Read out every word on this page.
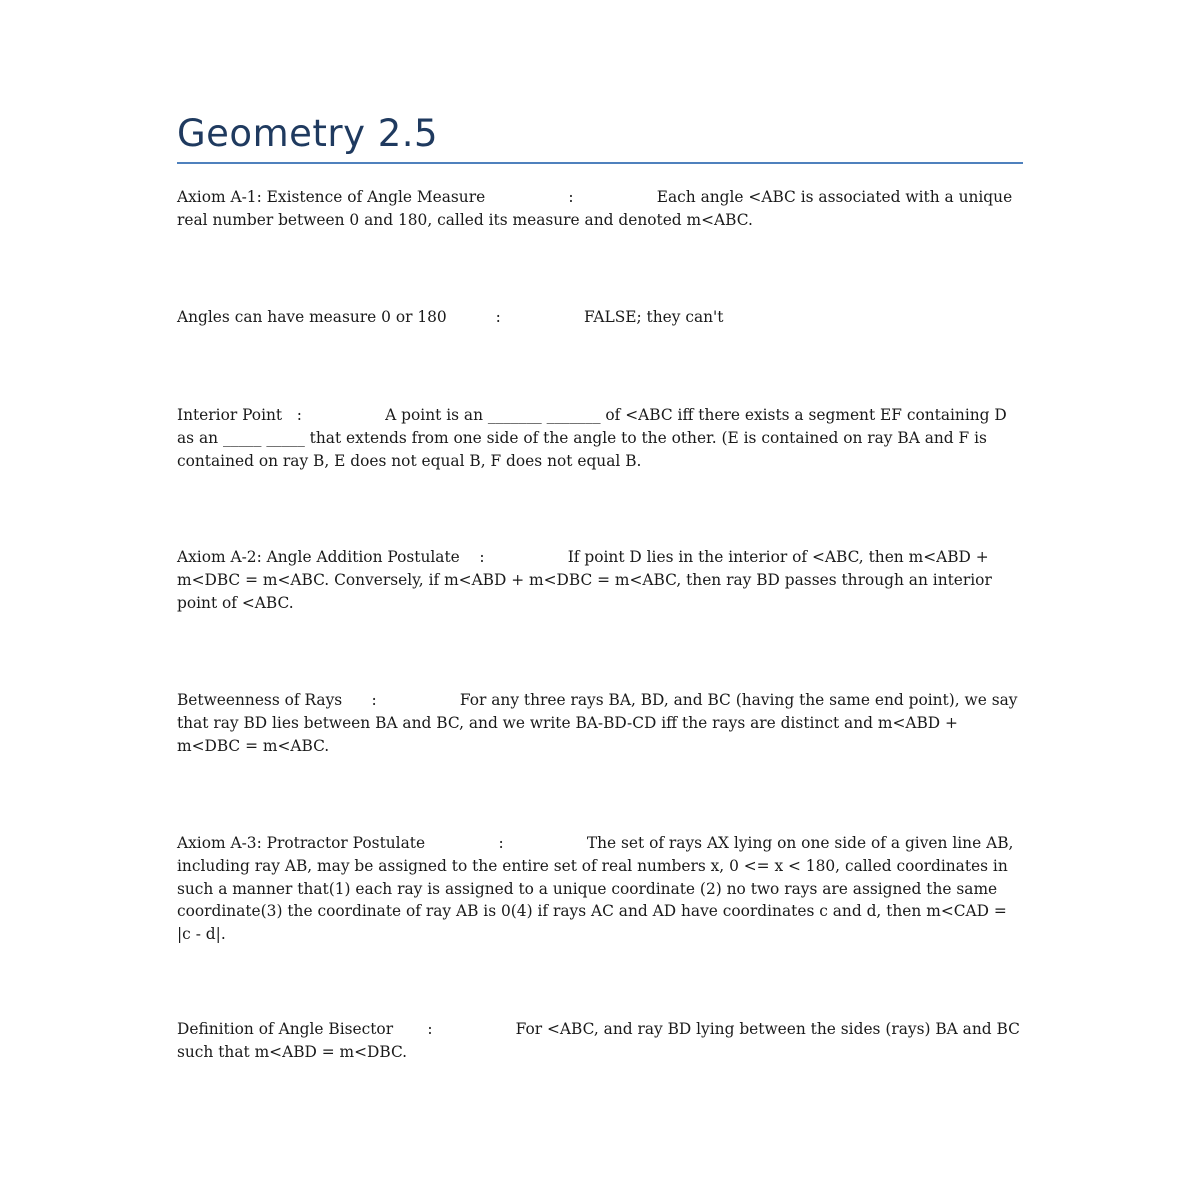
Geometry 2.5

Axiom A-1: Existence of Angle Measure	:	Each angle <ABC is associated with a unique real number between 0 and 180, called its measure and denoted m<ABC.

Angles can have measure 0 or 180	:	FALSE; they can't

Interior Point :	A point is an _______ _______ of <ABC iff there exists a segment EF containing D as an _____ _____ that extends from one side of the angle to the other. (E is contained on ray BA and F is contained on ray B, E does not equal B, F does not equal B.

Axiom A-2: Angle Addition Postulate :	If point D lies in the interior of <ABC, then m<ABD + m<DBC = m<ABC. Conversely, if m<ABD + m<DBC = m<ABC, then ray BD passes through an interior point of <ABC.

Betweenness of Rays :	For any three rays BA, BD, and BC (having the same end point), we say that ray BD lies between BA and BC, and we write BA-BD-CD iff the rays are distinct and m<ABD + m<DBC = m<ABC.

Axiom A-3: Protractor Postulate	:	The set of rays AX lying on one side of a given line AB, including ray AB, may be assigned to the entire set of real numbers x, 0 <= x < 180, called coordinates in such a manner that(1) each ray is assigned to a unique coordinate (2) no two rays are assigned the same coordinate(3) the coordinate of ray AB is 0(4) if rays AC and AD have coordinates c and d, then m<CAD = |c - d|.

Definition of Angle Bisector :	For <ABC, and ray BD lying between the sides (rays) BA and BC such that m<ABD = m<DBC.
